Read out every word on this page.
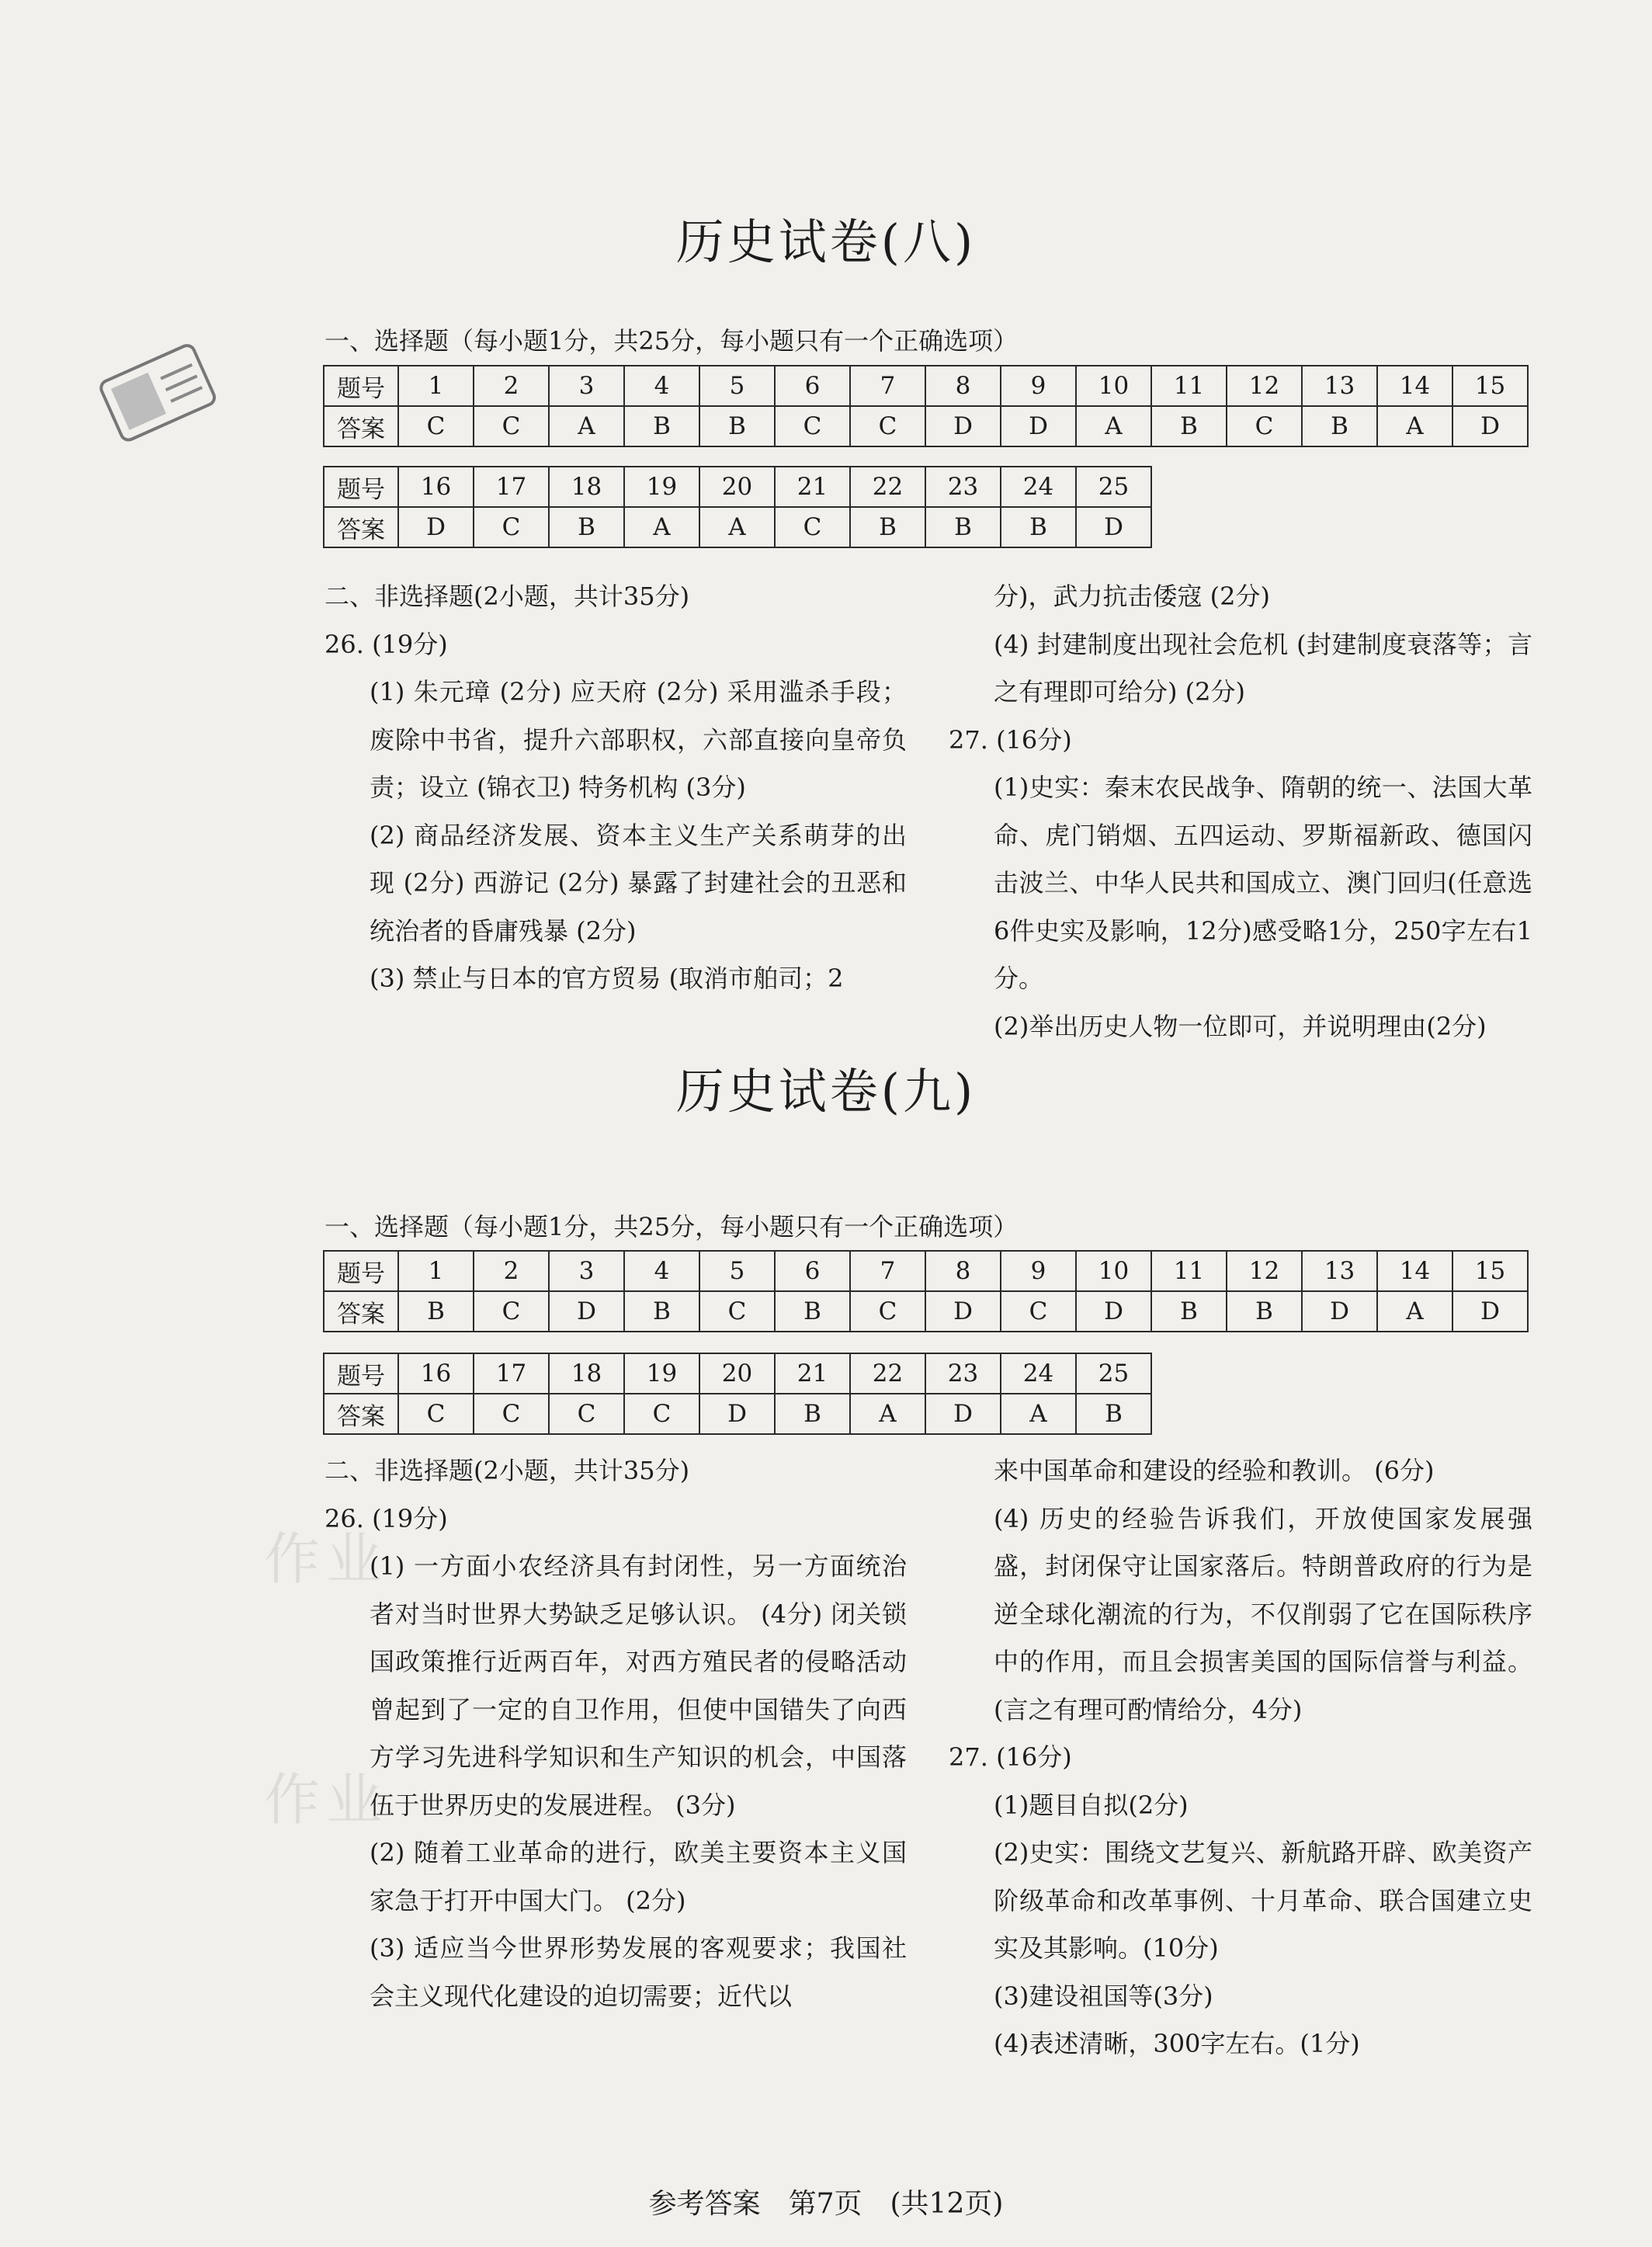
作业
作业
历史试卷(八)
一、选择题（每小题1分，共25分，每小题只有一个正确选项）
题号	1	2	3	4	5	6	7	8	9	10	11	12	13	14	15
答案	C	C	A	B	B	C	C	D	D	A	B	C	B	A	D
题号	16	17	18	19	20	21	22	23	24	25
答案	D	C	B	A	A	C	B	B	B	D

二、非选择题(2小题，共计35分)

26. (19分)

(1) 朱元璋 (2分) 应天府 (2分) 采用滥杀手段；废除中书省，提升六部职权，六部直接向皇帝负责；设立 (锦衣卫) 特务机构 (3分)

(2) 商品经济发展、资本主义生产关系萌芽的出现 (2分) 西游记 (2分) 暴露了封建社会的丑恶和统治者的昏庸残暴 (2分)

(3) 禁止与日本的官方贸易 (取消市舶司；2

分)，武力抗击倭寇 (2分)

(4) 封建制度出现社会危机 (封建制度衰落等；言之有理即可给分) (2分)

27. (16分)

(1)史实：秦末农民战争、隋朝的统一、法国大革命、虎门销烟、五四运动、罗斯福新政、德国闪击波兰、中华人民共和国成立、澳门回归(任意选6件史实及影响，12分)感受略1分，250字左右1分。

(2)举出历史人物一位即可，并说明理由(2分)

历史试卷(九)
一、选择题（每小题1分，共25分，每小题只有一个正确选项）
题号	1	2	3	4	5	6	7	8	9	10	11	12	13	14	15
答案	B	C	D	B	C	B	C	D	C	D	B	B	D	A	D
题号	16	17	18	19	20	21	22	23	24	25
答案	C	C	C	C	D	B	A	D	A	B

二、非选择题(2小题，共计35分)

26. (19分)

(1) 一方面小农经济具有封闭性，另一方面统治者对当时世界大势缺乏足够认识。 (4分) 闭关锁国政策推行近两百年，对西方殖民者的侵略活动曾起到了一定的自卫作用，但使中国错失了向西方学习先进科学知识和生产知识的机会，中国落伍于世界历史的发展进程。 (3分)

(2) 随着工业革命的进行，欧美主要资本主义国家急于打开中国大门。 (2分)

(3) 适应当今世界形势发展的客观要求；我国社会主义现代化建设的迫切需要；近代以

来中国革命和建设的经验和教训。 (6分)

(4) 历史的经验告诉我们，开放使国家发展强盛，封闭保守让国家落后。特朗普政府的行为是逆全球化潮流的行为，不仅削弱了它在国际秩序中的作用，而且会损害美国的国际信誉与利益。(言之有理可酌情给分，4分)

27. (16分)

(1)题目自拟(2分)

(2)史实：围绕文艺复兴、新航路开辟、欧美资产阶级革命和改革事例、十月革命、联合国建立史实及其影响。(10分)

(3)建设祖国等(3分)

(4)表述清晰，300字左右。(1分)

参考答案　第7页　(共12页)
